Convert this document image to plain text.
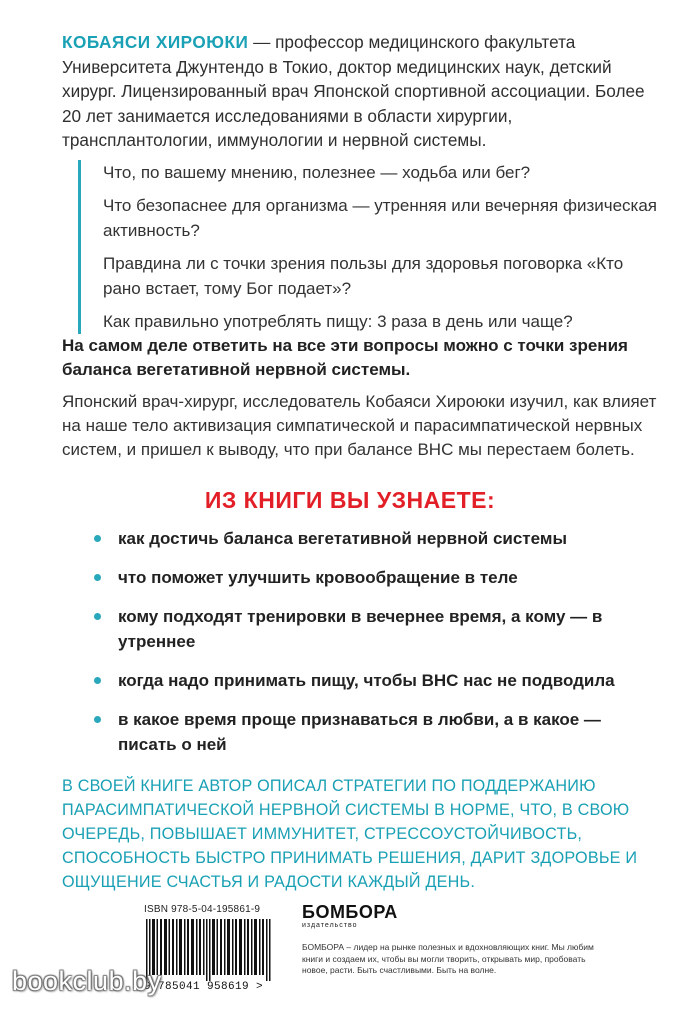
КОБАЯСИ ХИРОЮКИ — профессор медицинского факультета Университета Джунтендо в Токио, доктор медицинских наук, детский хирург. Лицензированный врач Японской спортивной ассоциации. Более 20 лет занимается исследованиями в области хирургии, трансплантологии, иммунологии и нервной системы.

Что, по вашему мнению, полезнее — ходьба или бег?

Что безопаснее для организма — утренняя или вечерняя физическая активность?

Правдина ли с точки зрения пользы для здоровья поговорка «Кто рано встает, тому Бог подает»?

Как правильно употреблять пищу: 3 раза в день или чаще?

На самом деле ответить на все эти вопросы можно с точки зрения баланса вегетативной нервной системы.
Японский врач-хирург, исследователь Кобаяси Хироюки изучил, как влияет на наше тело активизация симпатической и парасимпатической нервных систем, и пришел к выводу, что при балансе ВНС мы перестаем болеть.
ИЗ КНИГИ ВЫ УЗНАЕТЕ:
как достичь баланса вегетативной нервной системы
что поможет улучшить кровообращение в теле
кому подходят тренировки в вечернее время, а кому — в утреннее
когда надо принимать пищу, чтобы ВНС нас не подводила
в какое время проще признаваться в любви, а в какое — писать о ней
В СВОЕЙ КНИГЕ АВТОР ОПИСАЛ СТРАТЕГИИ ПО ПОДДЕРЖАНИЮ ПАРАСИМПАТИЧЕСКОЙ НЕРВНОЙ СИСТЕМЫ В НОРМЕ, ЧТО, В СВОЮ ОЧЕРЕДЬ, ПОВЫШАЕТ ИММУНИТЕТ, СТРЕССОУСТОЙЧИВОСТЬ, СПОСОБНОСТЬ БЫСТРО ПРИНИМАТЬ РЕШЕНИЯ, ДАРИТ ЗДОРОВЬЕ И ОЩУЩЕНИЕ СЧАСТЬЯ И РАДОСТИ КАЖДЫЙ ДЕНЬ.
ISBN 978-5-04-195861-9
9 785041 958619 >
БОМБОРА
издательство
БОМБОРА – лидер на рынке полезных и вдохновляющих книг. Мы любим книги и создаем их, чтобы вы могли творить, открывать мир, пробовать новое, расти. Быть счастливыми. Быть на волне.
bookclub.by
